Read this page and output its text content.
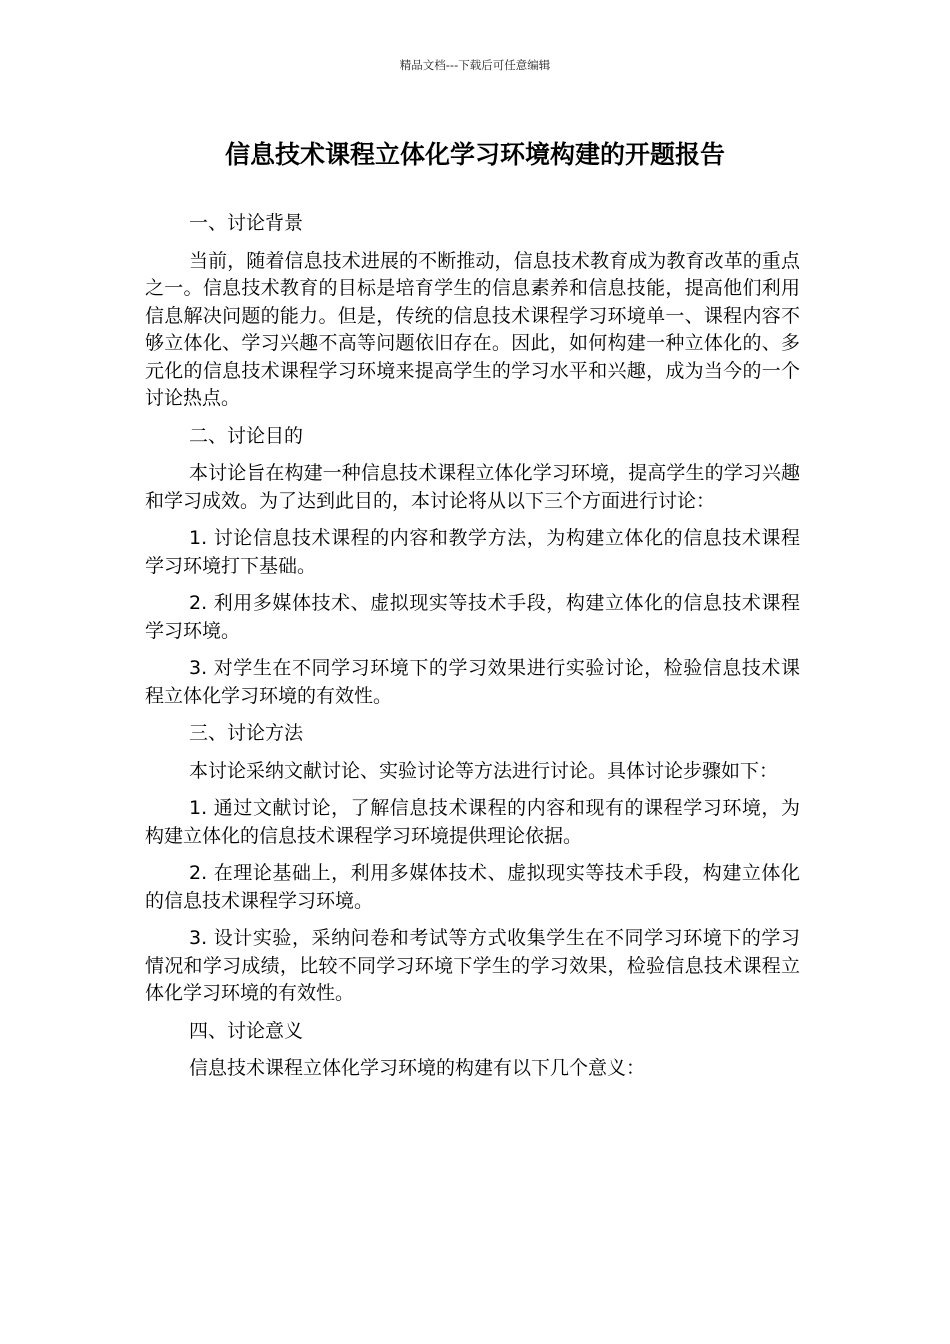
精品文档---下载后可任意编辑
信息技术课程立体化学习环境构建的开题报告

一、讨论背景

当前，随着信息技术进展的不断推动，信息技术教育成为教育改革的重点之一。信息技术教育的目标是培育学生的信息素养和信息技能，提高他们利用信息解决问题的能力。但是，传统的信息技术课程学习环境单一、课程内容不够立体化、学习兴趣不高等问题依旧存在。因此，如何构建一种立体化的、多元化的信息技术课程学习环境来提高学生的学习水平和兴趣，成为当今的一个讨论热点。

二、讨论目的

本讨论旨在构建一种信息技术课程立体化学习环境，提高学生的学习兴趣和学习成效。为了达到此目的，本讨论将从以下三个方面进行讨论：

1. 讨论信息技术课程的内容和教学方法，为构建立体化的信息技术课程学习环境打下基础。

2. 利用多媒体技术、虚拟现实等技术手段，构建立体化的信息技术课程学习环境。

3. 对学生在不同学习环境下的学习效果进行实验讨论，检验信息技术课程立体化学习环境的有效性。

三、讨论方法

本讨论采纳文献讨论、实验讨论等方法进行讨论。具体讨论步骤如下：

1. 通过文献讨论，了解信息技术课程的内容和现有的课程学习环境，为构建立体化的信息技术课程学习环境提供理论依据。

2. 在理论基础上，利用多媒体技术、虚拟现实等技术手段，构建立体化的信息技术课程学习环境。

3. 设计实验，采纳问卷和考试等方式收集学生在不同学习环境下的学习情况和学习成绩，比较不同学习环境下学生的学习效果，检验信息技术课程立体化学习环境的有效性。

四、讨论意义

信息技术课程立体化学习环境的构建有以下几个意义：
